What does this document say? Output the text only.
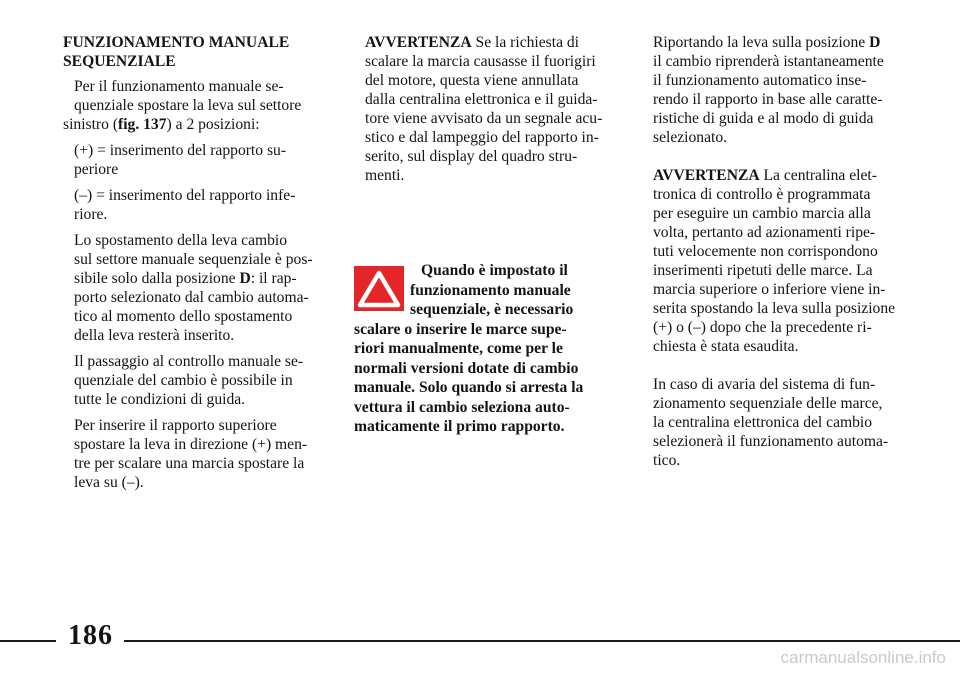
FUNZIONAMENTO MANUALE
SEQUENZIALE

Per il funzionamento manuale se-
quenziale spostare la leva sul settore
sinistro (fig. 137) a 2 posizioni:

(+) = inserimento del rapporto su-
periore

(–) = inserimento del rapporto infe-
riore.

Lo spostamento della leva cambio
sul settore manuale sequenziale è pos-
sibile solo dalla posizione D: il rap-
porto selezionato dal cambio automa-
tico al momento dello spostamento
della leva resterà inserito.

Il passaggio al controllo manuale se-
quenziale del cambio è possibile in
tutte le condizioni di guida.

Per inserire il rapporto superiore
spostare la leva in direzione (+) men-
tre per scalare una marcia spostare la
leva su (–).

AVVERTENZA Se la richiesta di
scalare la marcia causasse il fuorigiri
del motore, questa viene annullata
dalla centralina elettronica e il guida-
tore viene avvisato da un segnale acu-
stico e dal lampeggio del rapporto in-
serito, sul display del quadro stru-
menti.

Quando è impostato il
funzionamento manuale
sequenziale, è necessario
scalare o inserire le marce supe-
riori manualmente, come per le
normali versioni dotate di cambio
manuale. Solo quando si arresta la
vettura il cambio seleziona auto-
maticamente il primo rapporto.

Riportando la leva sulla posizione D
il cambio riprenderà istantaneamente
il funzionamento automatico inse-
rendo il rapporto in base alle caratte-
ristiche di guida e al modo di guida
selezionato.

AVVERTENZA La centralina elet-
tronica di controllo è programmata
per eseguire un cambio marcia alla
volta, pertanto ad azionamenti ripe-
tuti velocemente non corrispondono
inserimenti ripetuti delle marce. La
marcia superiore o inferiore viene in-
serita spostando la leva sulla posizione
(+) o (–) dopo che la precedente ri-
chiesta è stata esaudita.

In caso di avaria del sistema di fun-
zionamento sequenziale delle marce,
la centralina elettronica del cambio
selezionerà il funzionamento automa-
tico.

186
carmanualsonline.info
